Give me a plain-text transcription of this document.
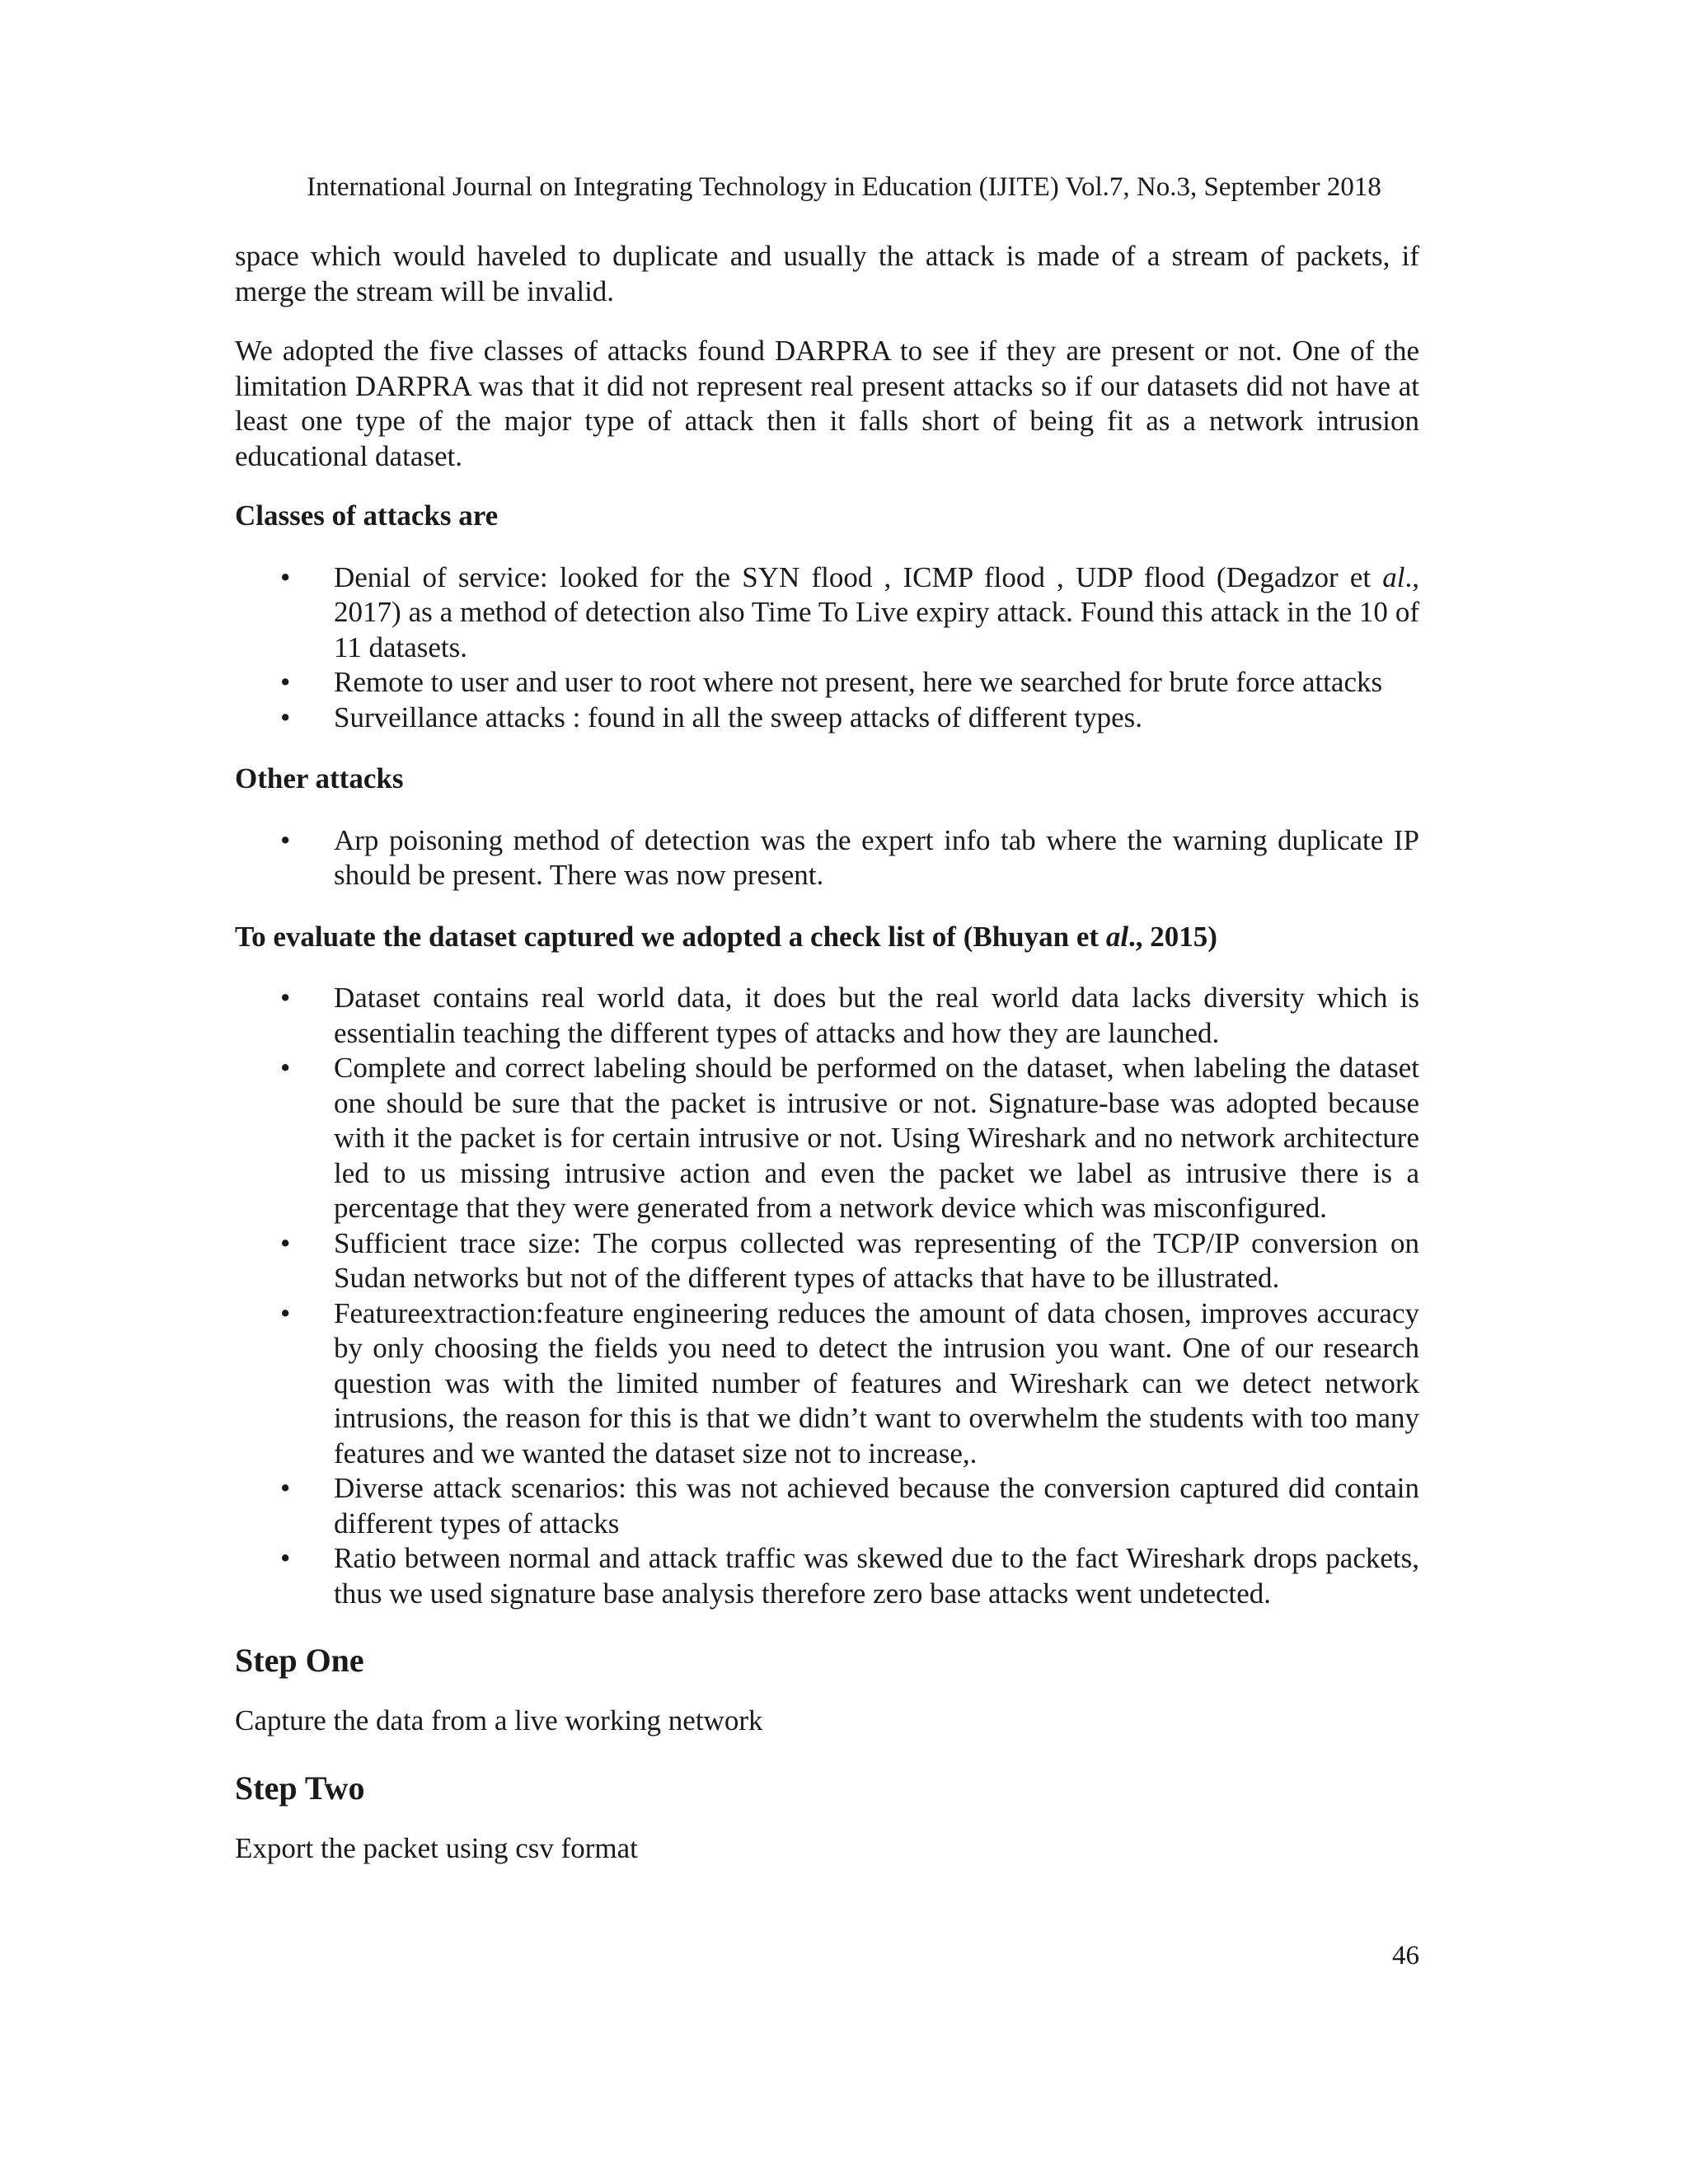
International Journal on Integrating Technology in Education (IJITE) Vol.7, No.3, September 2018

space which would haveled to duplicate and usually the attack is made of a stream of packets, if merge the stream will be invalid.

We adopted the five classes of attacks found DARPRA to see if they are present or not. One of the limitation DARPRA was that it did not represent real present attacks so if our datasets did not have at least one type of the major type of attack then it falls short of being fit as a network intrusion educational dataset.

Classes of attacks are
• Denial of service: looked for the SYN flood , ICMP flood , UDP flood (Degadzor et al., 2017) as a method of detection also Time To Live expiry attack. Found this attack in the 10 of 11 datasets.
• Remote to user and user to root where not present, here we searched for brute force attacks
• Surveillance attacks : found in all the sweep attacks of different types.
Other attacks
• Arp poisoning method of detection was the expert info tab where the warning duplicate IP should be present. There was now present.
To evaluate the dataset captured we adopted a check list of (Bhuyan et al., 2015)
• Dataset contains real world data, it does but the real world data lacks diversity which is essentialin teaching the different types of attacks and how they are launched.
• Complete and correct labeling should be performed on the dataset, when labeling the dataset one should be sure that the packet is intrusive or not. Signature-base was adopted because with it the packet is for certain intrusive or not. Using Wireshark and no network architecture led to us missing intrusive action and even the packet we label as intrusive there is a percentage that they were generated from a network device which was misconfigured.
• Sufficient trace size: The corpus collected was representing of the TCP/IP conversion on Sudan networks but not of the different types of attacks that have to be illustrated.
• Featureextraction:feature engineering reduces the amount of data chosen, improves accuracy by only choosing the fields you need to detect the intrusion you want. One of our research question was with the limited number of features and Wireshark can we detect network intrusions, the reason for this is that we didn’t want to overwhelm the students with too many features and we wanted the dataset size not to increase,.
• Diverse attack scenarios: this was not achieved because the conversion captured did contain different types of attacks
• Ratio between normal and attack traffic was skewed due to the fact Wireshark drops packets, thus we used signature base analysis therefore zero base attacks went undetected.
Step One

Capture the data from a live working network

Step Two

Export the packet using csv format

46
